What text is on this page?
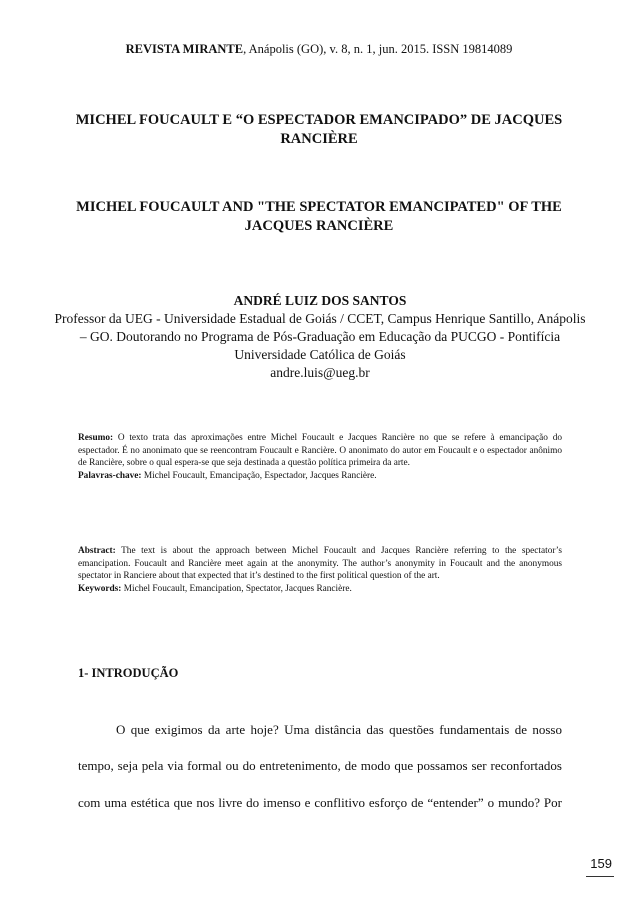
REVISTA MIRANTE, Anápolis (GO), v. 8, n. 1, jun. 2015. ISSN 19814089
MICHEL FOUCAULT E “O ESPECTADOR EMANCIPADO” DE JACQUES RANCIÈRE
MICHEL FOUCAULT AND "THE SPECTATOR EMANCIPATED" OF THE JACQUES RANCIÈRE
ANDRÉ LUIZ DOS SANTOS
Professor da UEG - Universidade Estadual de Goiás / CCET, Campus Henrique Santillo, Anápolis – GO. Doutorando no Programa de Pós-Graduação em Educação da PUCGO - Pontifícia Universidade Católica de Goiás
andre.luis@ueg.br
Resumo: O texto trata das aproximações entre Michel Foucault e Jacques Rancière no que se refere à emancipação do espectador. É no anonimato que se reencontram Foucault e Rancière. O anonimato do autor em Foucault e o espectador anônimo de Rancière, sobre o qual espera-se que seja destinada a questão política primeira da arte.
Palavras-chave: Michel Foucault, Emancipação, Espectador, Jacques Rancière.
Abstract: The text is about the approach between Michel Foucault and Jacques Rancière referring to the spectator’s emancipation. Foucault and Rancière meet again at the anonymity. The author’s anonymity in Foucault and the anonymous spectator in Ranciere about that expected that it’s destined to the first political question of the art.
Keywords: Michel Foucault, Emancipation, Spectator, Jacques Rancière.
1- INTRODUÇÃO
O que exigimos da arte hoje? Uma distância das questões fundamentais de nosso
tempo, seja pela via formal ou do entretenimento, de modo que possamos ser reconfortados
com uma estética que nos livre do imenso e conflitivo esforço de “entender” o mundo? Por
159
